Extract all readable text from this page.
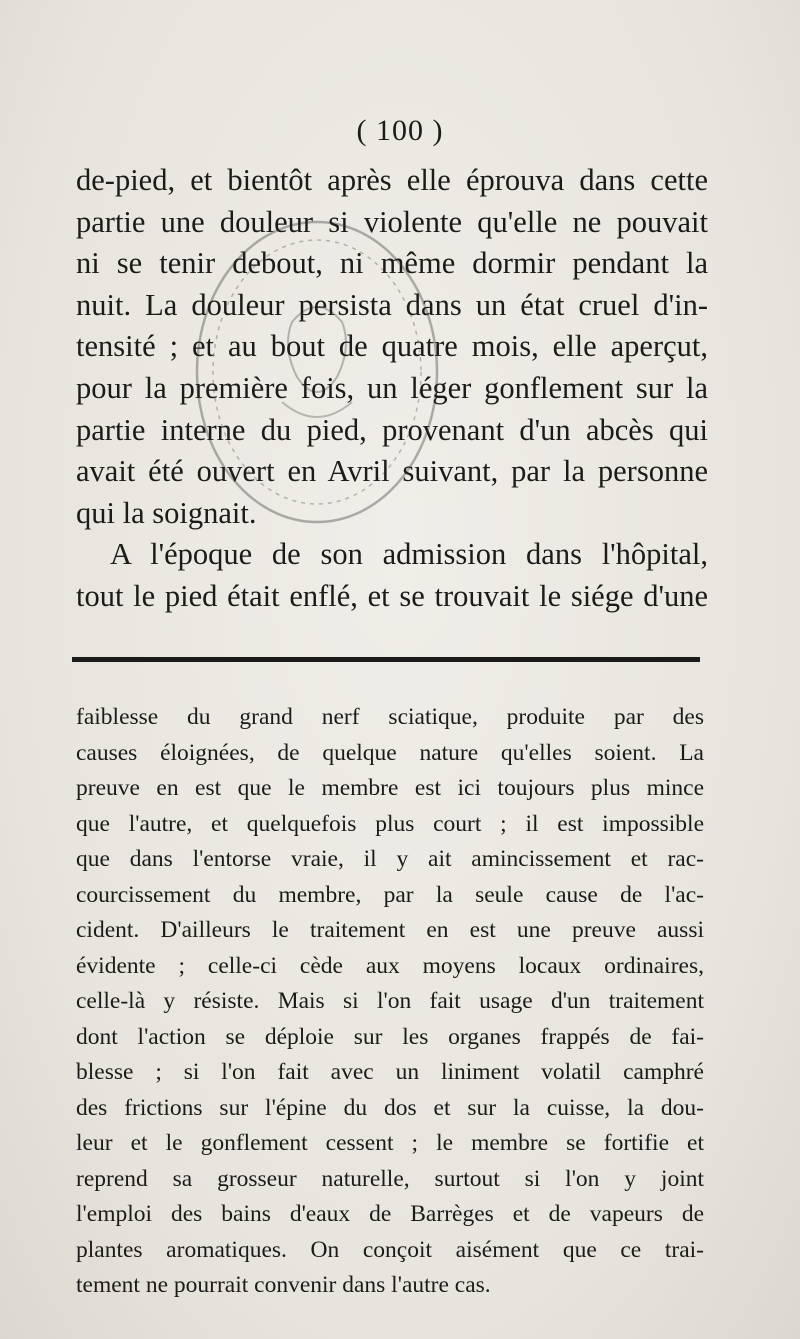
( 100 )
de-pied, et bientôt après elle éprouva dans cette
partie une douleur si violente qu'elle ne pouvait
ni se tenir debout, ni même dormir pendant la
nuit. La douleur persista dans un état cruel d'in-
tensité ; et au bout de quatre mois, elle aperçut,
pour la première fois, un léger gonflement sur la
partie interne du pied, provenant d'un abcès qui
avait été ouvert en Avril suivant, par la personne
qui la soignait.
A l'époque de son admission dans l'hôpital,
tout le pied était enflé, et se trouvait le siége d'une
faiblesse du grand nerf sciatique, produite par des
causes éloignées, de quelque nature qu'elles soient. La
preuve en est que le membre est ici toujours plus mince
que l'autre, et quelquefois plus court ; il est impossible
que dans l'entorse vraie, il y ait amincissement et rac-
courcissement du membre, par la seule cause de l'ac-
cident. D'ailleurs le traitement en est une preuve aussi
évidente ; celle-ci cède aux moyens locaux ordinaires,
celle-là y résiste. Mais si l'on fait usage d'un traitement
dont l'action se déploie sur les organes frappés de fai-
blesse ; si l'on fait avec un liniment volatil camphré
des frictions sur l'épine du dos et sur la cuisse, la dou-
leur et le gonflement cessent ; le membre se fortifie et
reprend sa grosseur naturelle, surtout si l'on y joint
l'emploi des bains d'eaux de Barrèges et de vapeurs de
plantes aromatiques. On conçoit aisément que ce trai-
tement ne pourrait convenir dans l'autre cas.
